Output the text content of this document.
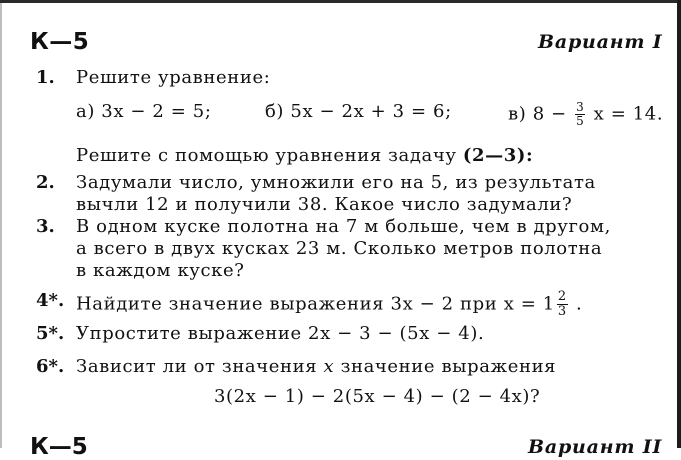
К—5	Вариант I
1. Решите уравнение:
а) 3x − 2 = 5;	б) 5x − 2x + 3 = 6;	в) $8 - \frac{3}{5}$ x = 14.
Решите с помощью уравнения задачу (2—3):
2. Задумали число, умножили его на 5, из результата
вычли 12 и получили 38. Какое число задумали?
3. В одном куске полотна на 7 м больше, чем в другом,
а всего в двух кусках 23 м. Сколько метров полотна
в каждом куске?
4*. Найдите значение выражения 3x − 2 при $x = 1 \frac{2}{3}$ .
5*. Упростите выражение 2x − 3 − (5x − 4).
6*. Зависит ли от значения x значение выражения
3(2x − 1) − 2(5x − 4) − (2 − 4x)?
К—5	Вариант II
